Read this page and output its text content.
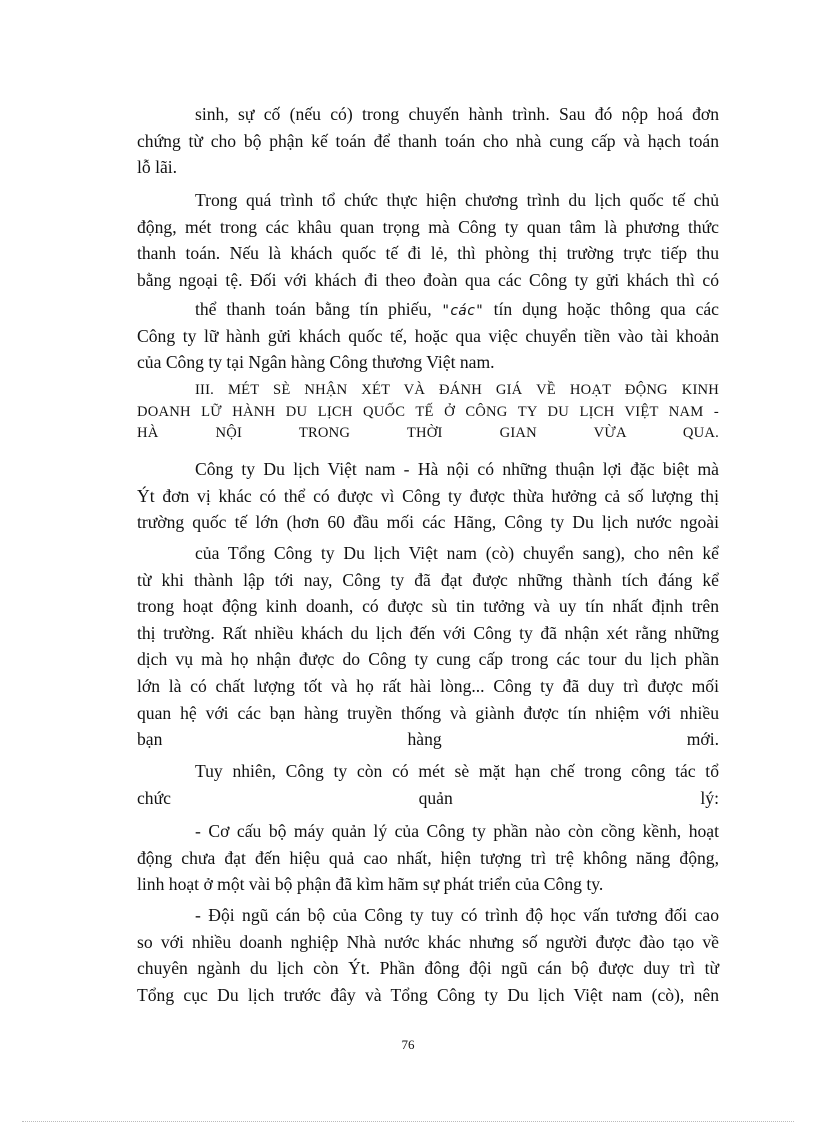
sinh, sự cố (nếu có) trong chuyến hành trình. Sau đó nộp hoá đơn
chứng từ cho bộ phận kế toán để thanh toán cho nhà cung cấp và hạch toán
lỗ lãi.
Trong quá trình tổ chức thực hiện chương trình du lịch quốc tế chủ
động, mét trong các khâu quan trọng mà Công ty quan tâm là phương thức
thanh toán. Nếu là khách quốc tế đi lẻ, thì phòng thị trường trực tiếp thu
bằng ngoại tệ. Đối với khách đi theo đoàn qua các Công ty gửi khách thì có
thể thanh toán bằng tín phiếu, "các" tín dụng hoặc thông qua các
Công ty lữ hành gửi khách quốc tế, hoặc qua việc chuyển tiền vào tài khoản
của Công ty tại Ngân hàng Công thương Việt nam.
III. MÉT SÈ NHẬN XÉT VÀ ĐÁNH GIÁ VỀ HOẠT ĐỘNG KINH
DOANH LỮ HÀNH DU LỊCH QUỐC TẾ Ở CÔNG TY DU LỊCH VIỆT NAM -
HÀ NỘI TRONG THỜI GIAN VỪA QUA.
Công ty Du lịch Việt nam - Hà nội có những thuận lợi đặc biệt mà
Ýt đơn vị khác có thể có được vì Công ty được thừa hưởng cả số lượng thị
trường quốc tế lớn (hơn 60 đầu mối các Hãng, Công ty Du lịch nước ngoài
của Tổng Công ty Du lịch Việt nam (cò) chuyển sang), cho nên kể
từ khi thành lập tới nay, Công ty đã đạt được những thành tích đáng kể
trong hoạt động kinh doanh, có được sù tin tưởng và uy tín nhất định trên
thị trường. Rất nhiều khách du lịch đến với Công ty đã nhận xét rằng những
dịch vụ mà họ nhận được do Công ty cung cấp trong các tour du lịch phần
lớn là có chất lượng tốt và họ rất hài lòng... Công ty đã duy trì được mối
quan hệ với các bạn hàng truyền thống và giành được tín nhiệm với nhiều
bạn hàng mới.
Tuy nhiên, Công ty còn có mét sè mặt hạn chế trong công tác tổ
chức quản lý:
- Cơ cấu bộ máy quản lý của Công ty phần nào còn cồng kềnh, hoạt
động chưa đạt đến hiệu quả cao nhất, hiện tượng trì trệ không năng động,
linh hoạt ở một vài bộ phận đã kìm hãm sự phát triển của Công ty.
- Đội ngũ cán bộ của Công ty tuy có trình độ học vấn tương đối cao
so với nhiều doanh nghiệp Nhà nước khác nhưng số người được đào tạo về
chuyên ngành du lịch còn Ýt. Phần đông đội ngũ cán bộ được duy trì từ
Tổng cục Du lịch trước đây và Tổng Công ty Du lịch Việt nam (cò), nên
76
